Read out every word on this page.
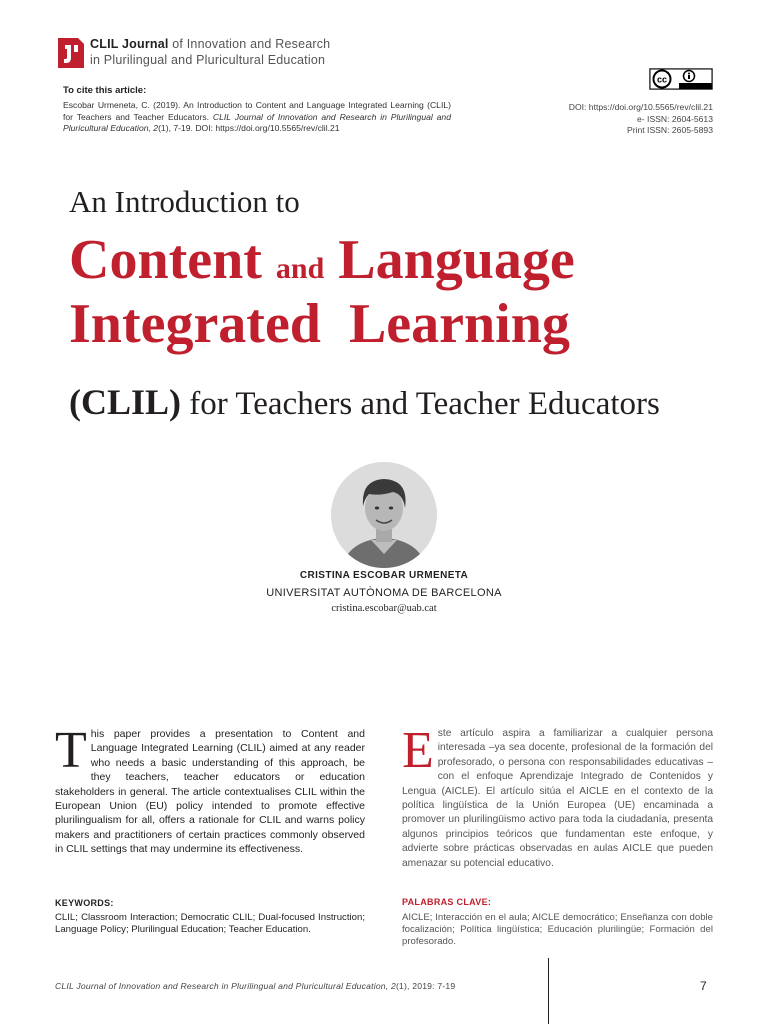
CLIL Journal of Innovation and Research
in Plurilingual and Pluricultural Education
To cite this article:
Escobar Urmeneta, C. (2019). An Introduction to Content and Language Integrated Learning (CLIL) for Teachers and Teacher Educators. CLIL Journal of Innovation and Research in Plurilingual and Pluricultural Education, 2(1), 7-19. DOI: https://doi.org/10.5565/rev/clil.21
cc
DOI: https://doi.org/10.5565/rev/clil.21
e- ISSN: 2604-5613
Print ISSN: 2605-5893
An Introduction to
Content and Language
Integrated  Learning
(CLIL) for Teachers and Teacher Educators
CRISTINA ESCOBAR URMENETA
UNIVERSITAT AUTÒNOMA DE BARCELONA
cristina.escobar@uab.cat
This paper provides a presentation to Content and Language Integrated Learning (CLIL) aimed at any reader who needs a basic understanding of this approach, be they teachers, teacher educators or education stakeholders in general. The article contextualises CLIL within the European Union (EU) policy intended to promote effective plurilingualism for all, offers a rationale for CLIL and warns policy makers and practitioners of certain practices commonly observed in CLIL settings that may undermine its effectiveness.
Este artículo aspira a familiarizar a cualquier persona interesada –ya sea docente, profesional de la formación del profesorado, o persona con responsabilidades educativas –con el enfoque Aprendizaje Integrado de Contenidos y Lengua (AICLE). El artículo sitúa el AICLE en el contexto de la política lingüística de la Unión Europea (UE) encaminada a promover un plurilingüismo activo para toda la ciudadanía, presenta algunos principios teóricos que fundamentan este enfoque, y advierte sobre prácticas observadas en aulas AICLE que pueden amenazar su potencial educativo.
KEYWORDS:
CLIL; Classroom Interaction; Democratic CLIL; Dual-focused Instruction; Language Policy; Plurilingual Education; Teacher Education.
PALABRAS CLAVE:
AICLE; Interacción en el aula; AICLE democrático; Enseñanza con doble focalización; Política lingüística; Educación plurilingüe; Formación del profesorado.
CLIL Journal of Innovation and Research in Plurilingual and Pluricultural Education, 2(1), 2019: 7-19	7
